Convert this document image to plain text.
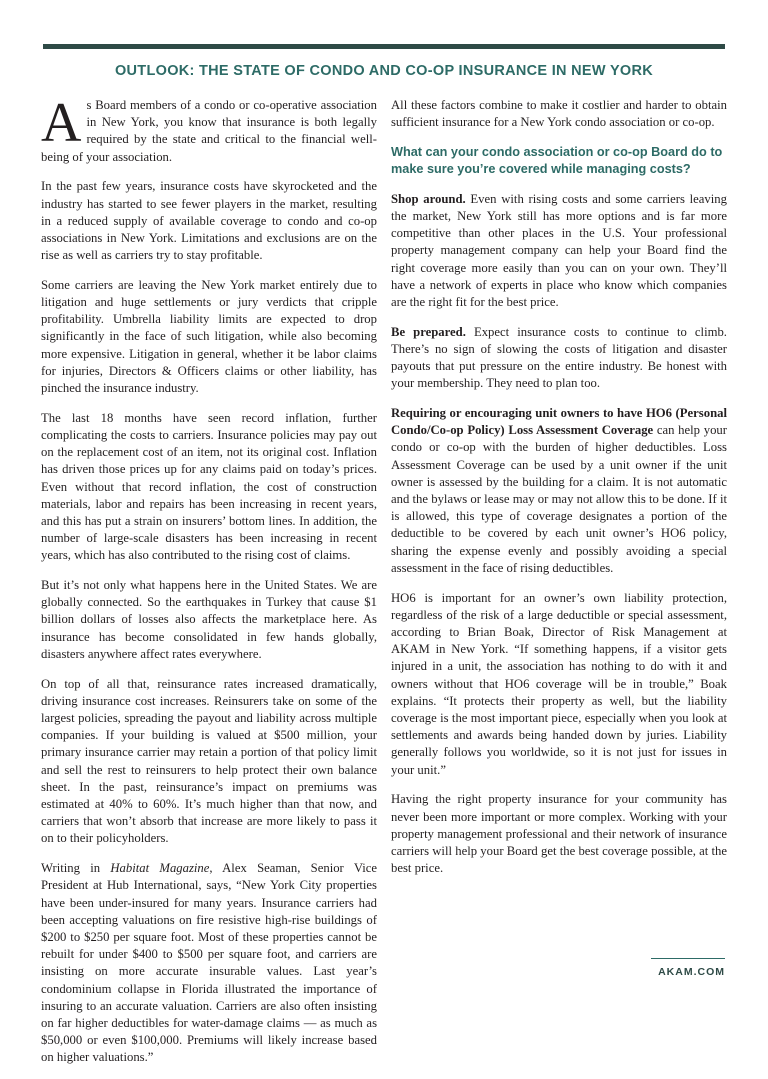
OUTLOOK: THE STATE OF CONDO AND CO-OP INSURANCE IN NEW YORK

As Board members of a condo or co-operative association in New York, you know that insurance is both legally required by the state and critical to the financial well-being of your association.

In the past few years, insurance costs have skyrocketed and the industry has started to see fewer players in the market, resulting in a reduced supply of available coverage to condo and co-op associations in New York. Limitations and exclusions are on the rise as well as carriers try to stay profitable.

Some carriers are leaving the New York market entirely due to litigation and huge settlements or jury verdicts that cripple profitability. Umbrella liability limits are expected to drop significantly in the face of such litigation, while also becoming more expensive. Litigation in general, whether it be labor claims for injuries, Directors & Officers claims or other liability, has pinched the insurance industry.

The last 18 months have seen record inflation, further complicating the costs to carriers. Insurance policies may pay out on the replacement cost of an item, not its original cost. Inflation has driven those prices up for any claims paid on today’s prices. Even without that record inflation, the cost of construction materials, labor and repairs has been increasing in recent years, and this has put a strain on insurers’ bottom lines. In addition, the number of large-scale disasters has been increasing in recent years, which has also contributed to the rising cost of claims.

But it’s not only what happens here in the United States. We are globally connected. So the earthquakes in Turkey that cause $1 billion dollars of losses also affects the marketplace here. As insurance has become consolidated in few hands globally, disasters anywhere affect rates everywhere.

On top of all that, reinsurance rates increased dramatically, driving insurance cost increases. Reinsurers take on some of the largest policies, spreading the payout and liability across multiple companies. If your building is valued at $500 million, your primary insurance carrier may retain a portion of that policy limit and sell the rest to reinsurers to help protect their own balance sheet. In the past, reinsurance’s impact on premiums was estimated at 40% to 60%. It’s much higher than that now, and carriers that won’t absorb that increase are more likely to pass it on to their policyholders.

Writing in Habitat Magazine, Alex Seaman, Senior Vice President at Hub International, says, “New York City properties have been under-insured for many years. Insurance carriers had been accepting valuations on fire resistive high-rise buildings of $200 to $250 per square foot. Most of these properties cannot be rebuilt for under $400 to $500 per square foot, and carriers are insisting on more accurate insurable values. Last year’s condominium collapse in Florida illustrated the importance of insuring to an accurate valuation. Carriers are also often insisting on far higher deductibles for water-damage claims — as much as $50,000 or even $100,000. Premiums will likely increase based on higher valuations.”

All these factors combine to make it costlier and harder to obtain sufficient insurance for a New York condo association or co-op.

What can your condo association or co-op Board do to make sure you’re covered while managing costs?

Shop around. Even with rising costs and some carriers leaving the market, New York still has more options and is far more competitive than other places in the U.S. Your professional property management company can help your Board find the right coverage more easily than you can on your own. They’ll have a network of experts in place who know which companies are the right fit for the best price.

Be prepared. Expect insurance costs to continue to climb. There’s no sign of slowing the costs of litigation and disaster payouts that put pressure on the entire industry. Be honest with your membership. They need to plan too.

Requiring or encouraging unit owners to have HO6 (Personal Condo/Co-op Policy) Loss Assessment Coverage can help your condo or co-op with the burden of higher deductibles. Loss Assessment Coverage can be used by a unit owner if the unit owner is assessed by the building for a claim. It is not automatic and the bylaws or lease may or may not allow this to be done. If it is allowed, this type of coverage designates a portion of the deductible to be covered by each unit owner’s HO6 policy, sharing the expense evenly and possibly avoiding a special assessment in the face of rising deductibles.

HO6 is important for an owner’s own liability protection, regardless of the risk of a large deductible or special assessment, according to Brian Boak, Director of Risk Management at AKAM in New York. “If something happens, if a visitor gets injured in a unit, the association has nothing to do with it and owners without that HO6 coverage will be in trouble,” Boak explains. “It protects their property as well, but the liability coverage is the most important piece, especially when you look at settlements and awards being handed down by juries. Liability generally follows you worldwide, so it is not just for issues in your unit.”

Having the right property insurance for your community has never been more important or more complex. Working with your property management professional and their network of insurance carriers will help your Board get the best coverage possible, at the best price.

AKAM.COM
